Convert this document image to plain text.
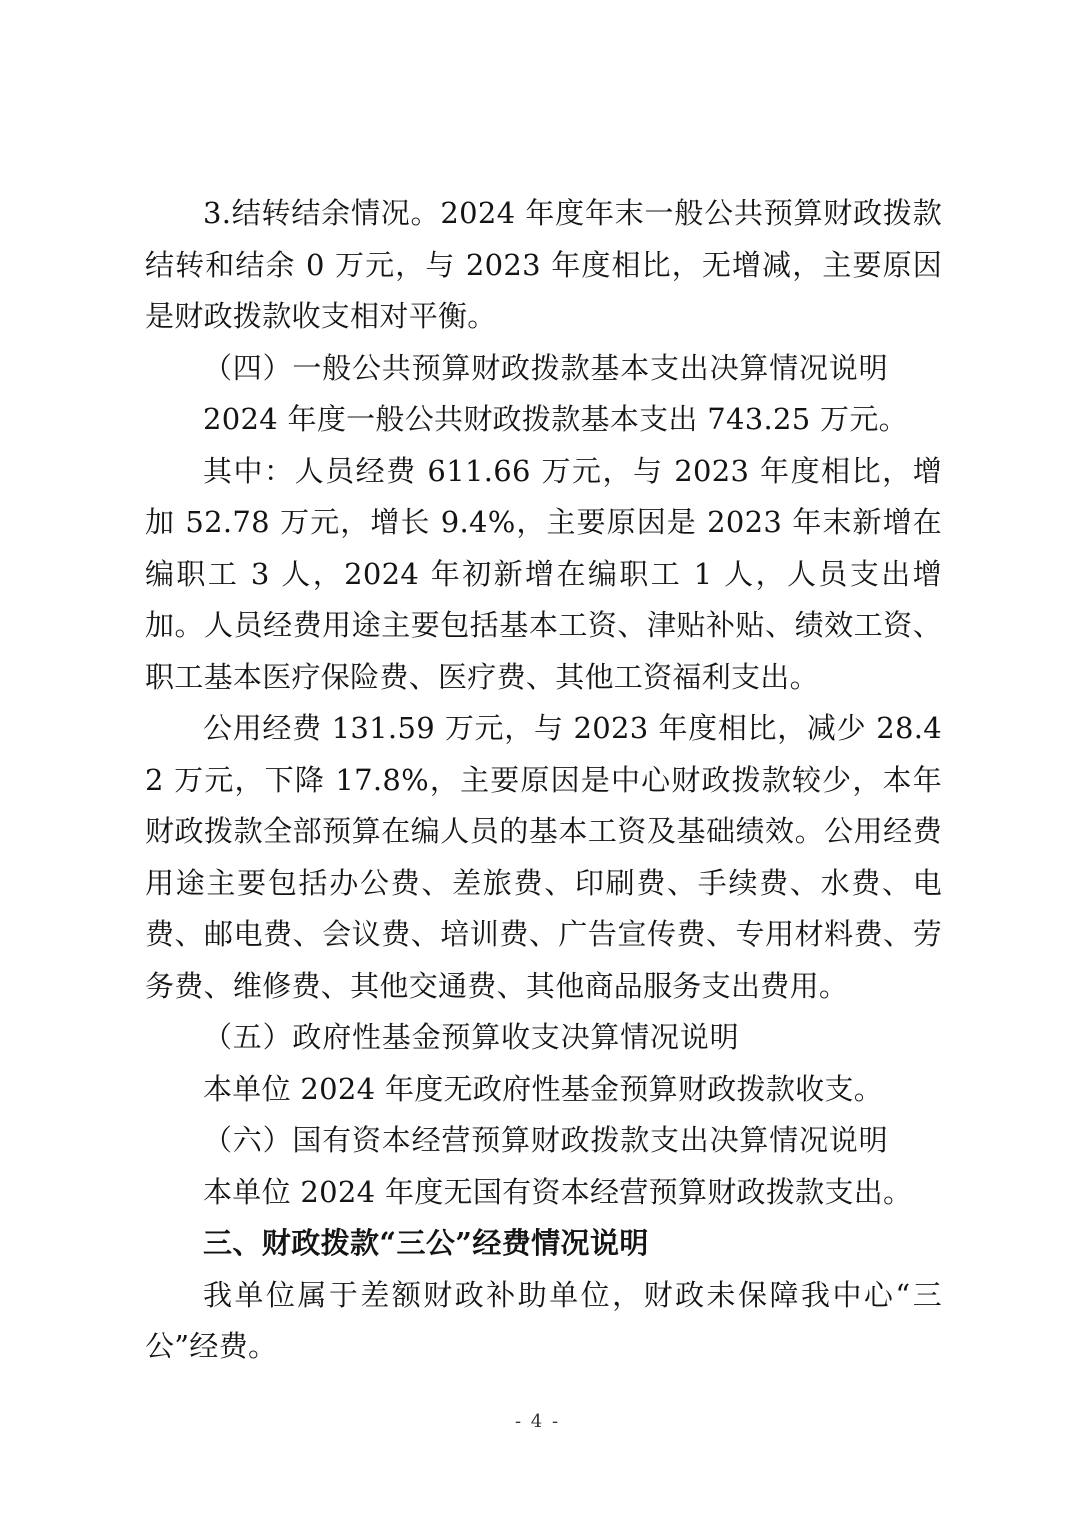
3.结转结余情况。2024 年度年末一般公共预算财政拨款结转和结余 0 万元，与 2023 年度相比，无增减，主要原因是财政拨款收支相对平衡。

（四）一般公共预算财政拨款基本支出决算情况说明

2024 年度一般公共财政拨款基本支出 743.25 万元。

其中：人员经费 611.66 万元，与 2023 年度相比，增加 52.78 万元，增长 9.4%，主要原因是 2023 年末新增在编职工 3 人，2024 年初新增在编职工 1 人，人员支出增加。人员经费用途主要包括基本工资、津贴补贴、绩效工资、职工基本医疗保险费、医疗费、其他工资福利支出。

公用经费 131.59 万元，与 2023 年度相比，减少 28.42 万元，下降 17.8%，主要原因是中心财政拨款较少，本年财政拨款全部预算在编人员的基本工资及基础绩效。公用经费用途主要包括办公费、差旅费、印刷费、手续费、水费、电费、邮电费、会议费、培训费、广告宣传费、专用材料费、劳务费、维修费、其他交通费、其他商品服务支出费用。

（五）政府性基金预算收支决算情况说明

本单位 2024 年度无政府性基金预算财政拨款收支。

（六）国有资本经营预算财政拨款支出决算情况说明

本单位 2024 年度无国有资本经营预算财政拨款支出。

三、财政拨款“三公”经费情况说明

我单位属于差额财政补助单位，财政未保障我中心“三公”经费。

- 4 -
